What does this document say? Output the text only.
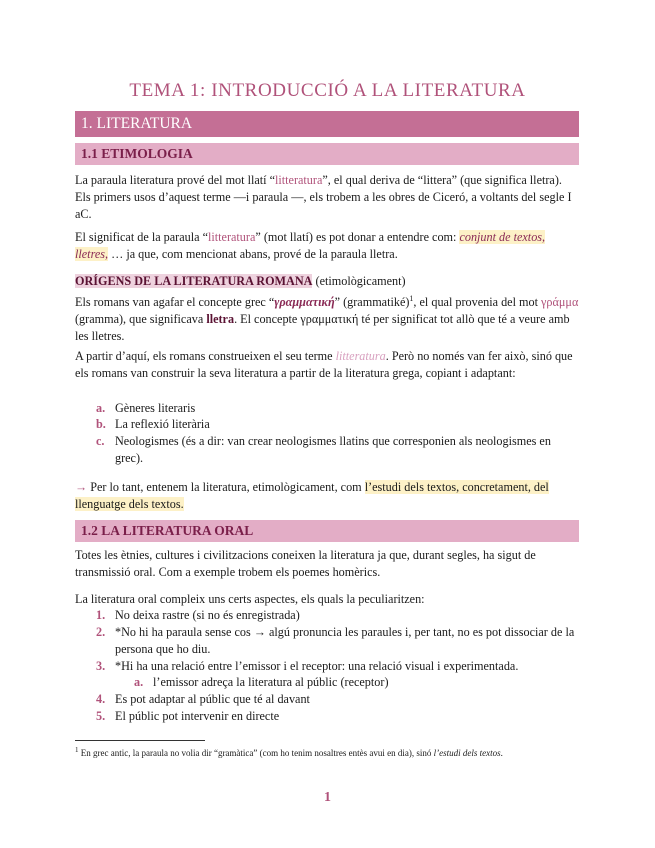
TEMA 1: INTRODUCCIÓ A LA LITERATURA
1. LITERATURA
1.1 ETIMOLOGIA

La paraula literatura prové del mot llatí “litteratura”, el qual deriva de “littera” (que significa lletra). Els primers usos d’aquest terme —i paraula —, els trobem a les obres de Ciceró, a voltants del segle I aC.

El significat de la paraula “litteratura” (mot llatí) es pot donar a entendre com: conjunt de textos, lletres, … ja que, com mencionat abans, prové de la paraula lletra.

ORÍGENS DE LA LITERATURA ROMANA (etimològicament)
Els romans van agafar el concepte grec “γραμματική” (grammatiké)$^1$, el qual provenia del mot γράμμα (gramma), que significava lletra. El concepte γραμματική té per significat tot allò que té a veure amb les lletres.

A partir d’aquí, els romans construeixen el seu terme litteratura. Però no només van fer això, sinó que els romans van construir la seva literatura a partir de la literatura grega, copiant i adaptant:

a. Gèneres literaris
b. La reflexió literària
c. Neologismes (és a dir: van crear neologismes llatins que corresponien als neologismes en grec).

→ Per lo tant, entenem la literatura, etimològicament, com l’estudi dels textos, concretament, del llenguatge dels textos.

1.2 LA LITERATURA ORAL

Totes les ètnies, cultures i civilitzacions coneixen la literatura ja que, durant segles, ha sigut de transmissió oral. Com a exemple trobem els poemes homèrics.

La literatura oral compleix uns certs aspectes, els quals la peculiaritzen:

1. No deixa rastre (si no és enregistrada)
2. *No hi ha paraula sense cos → algú pronuncia les paraules i, per tant, no es pot dissociar de la persona que ho diu.
3. *Hi ha una relació entre l’emissor i el receptor: una relació visual i experimentada.
a. l’emissor adreça la literatura al públic (receptor)
4. Es pot adaptar al públic que té al davant
5. El públic pot intervenir en directe
$^1$ En grec antic, la paraula no volia dir “gramàtica” (com ho tenim nosaltres entès avui en dia), sinó l’estudi dels textos.
1
